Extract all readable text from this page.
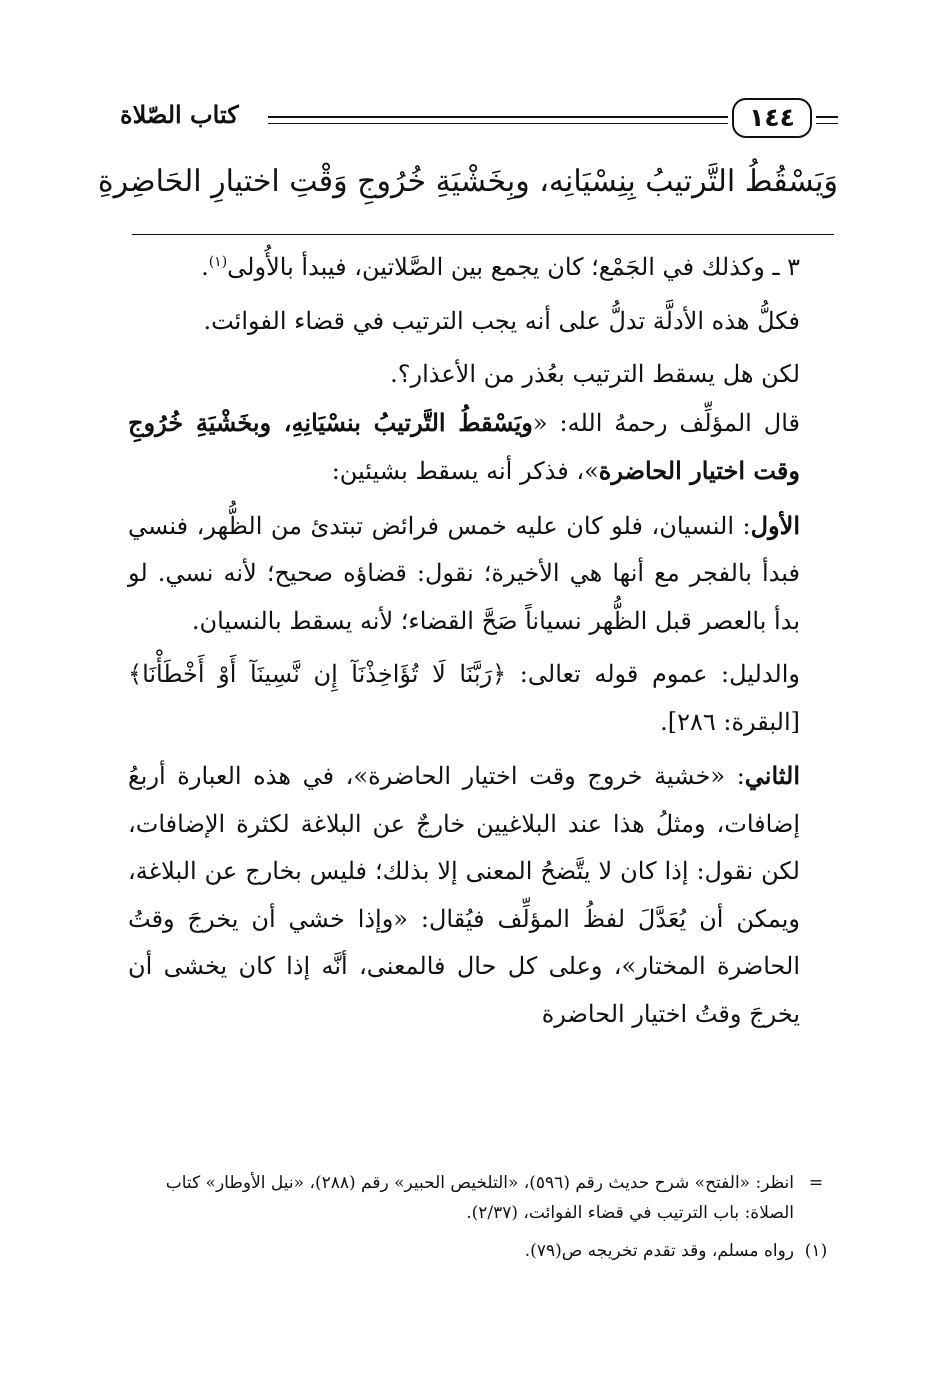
كتاب الصّلاة	١٤٤
وَيَسْقُطُ التَّرتيبُ بِنِسْيَانِه، وبِخَشْيَةِ خُرُوجِ وَقْتِ اختيارِ الحَاضِرةِ

٣ ـ وكذلك في الجَمْع؛ كان يجمع بين الصَّلاتين، فيبدأ بالأُولى$^{(١)}$.

فكلُّ هذه الأدلَّة تدلُّ على أنه يجب الترتيب في قضاء الفوائت.

لكن هل يسقط الترتيب بعُذر من الأعذار؟.

قال المؤلِّف رحمهُ الله: «ويَسْقطُ التَّرتيبُ بنسْيَانِهِ، وبخَشْيَةِ خُرُوجِ وقت اختيار الحاضرة»، فذكر أنه يسقط بشيئين:

الأول: النسيان، فلو كان عليه خمس فرائض تبتدئ من الظُّهر، فنسي فبدأ بالفجر مع أنها هي الأخيرة؛ نقول: قضاؤه صحيح؛ لأنه نسي. لو بدأ بالعصر قبل الظُّهر نسياناً صَحَّ القضاء؛ لأنه يسقط بالنسيان.

والدليل: عموم قوله تعالى: ﴿رَبَّنَا لَا تُؤَاخِذْنَآ إِن نَّسِينَآ أَوْ أَخْطَأْنَا﴾ [البقرة: ٢٨٦].

الثاني: «خشية خروج وقت اختيار الحاضرة»، في هذه العبارة أربعُ إضافات، ومثلُ هذا عند البلاغيين خارجٌ عن البلاغة لكثرة الإضافات، لكن نقول: إذا كان لا يتَّضحُ المعنى إلا بذلك؛ فليس بخارج عن البلاغة، ويمكن أن يُعَدَّلَ لفظُ المؤلِّف فيُقال: «وإذا خشي أن يخرجَ وقتُ الحاضرة المختار»، وعلى كل حال فالمعنى، أنَّه إذا كان يخشى أن يخرجَ وقتُ اختيار الحاضرة

=
انظر: «الفتح» شرح حديث رقم (٥٩٦)، «التلخيص الحبير» رقم (٢٨٨)، «نيل الأوطار» كتاب الصلاة: باب الترتيب في قضاء الفوائت، (٢/٣٧).
(١)
رواه مسلم، وقد تقدم تخريجه ص(٧٩).
